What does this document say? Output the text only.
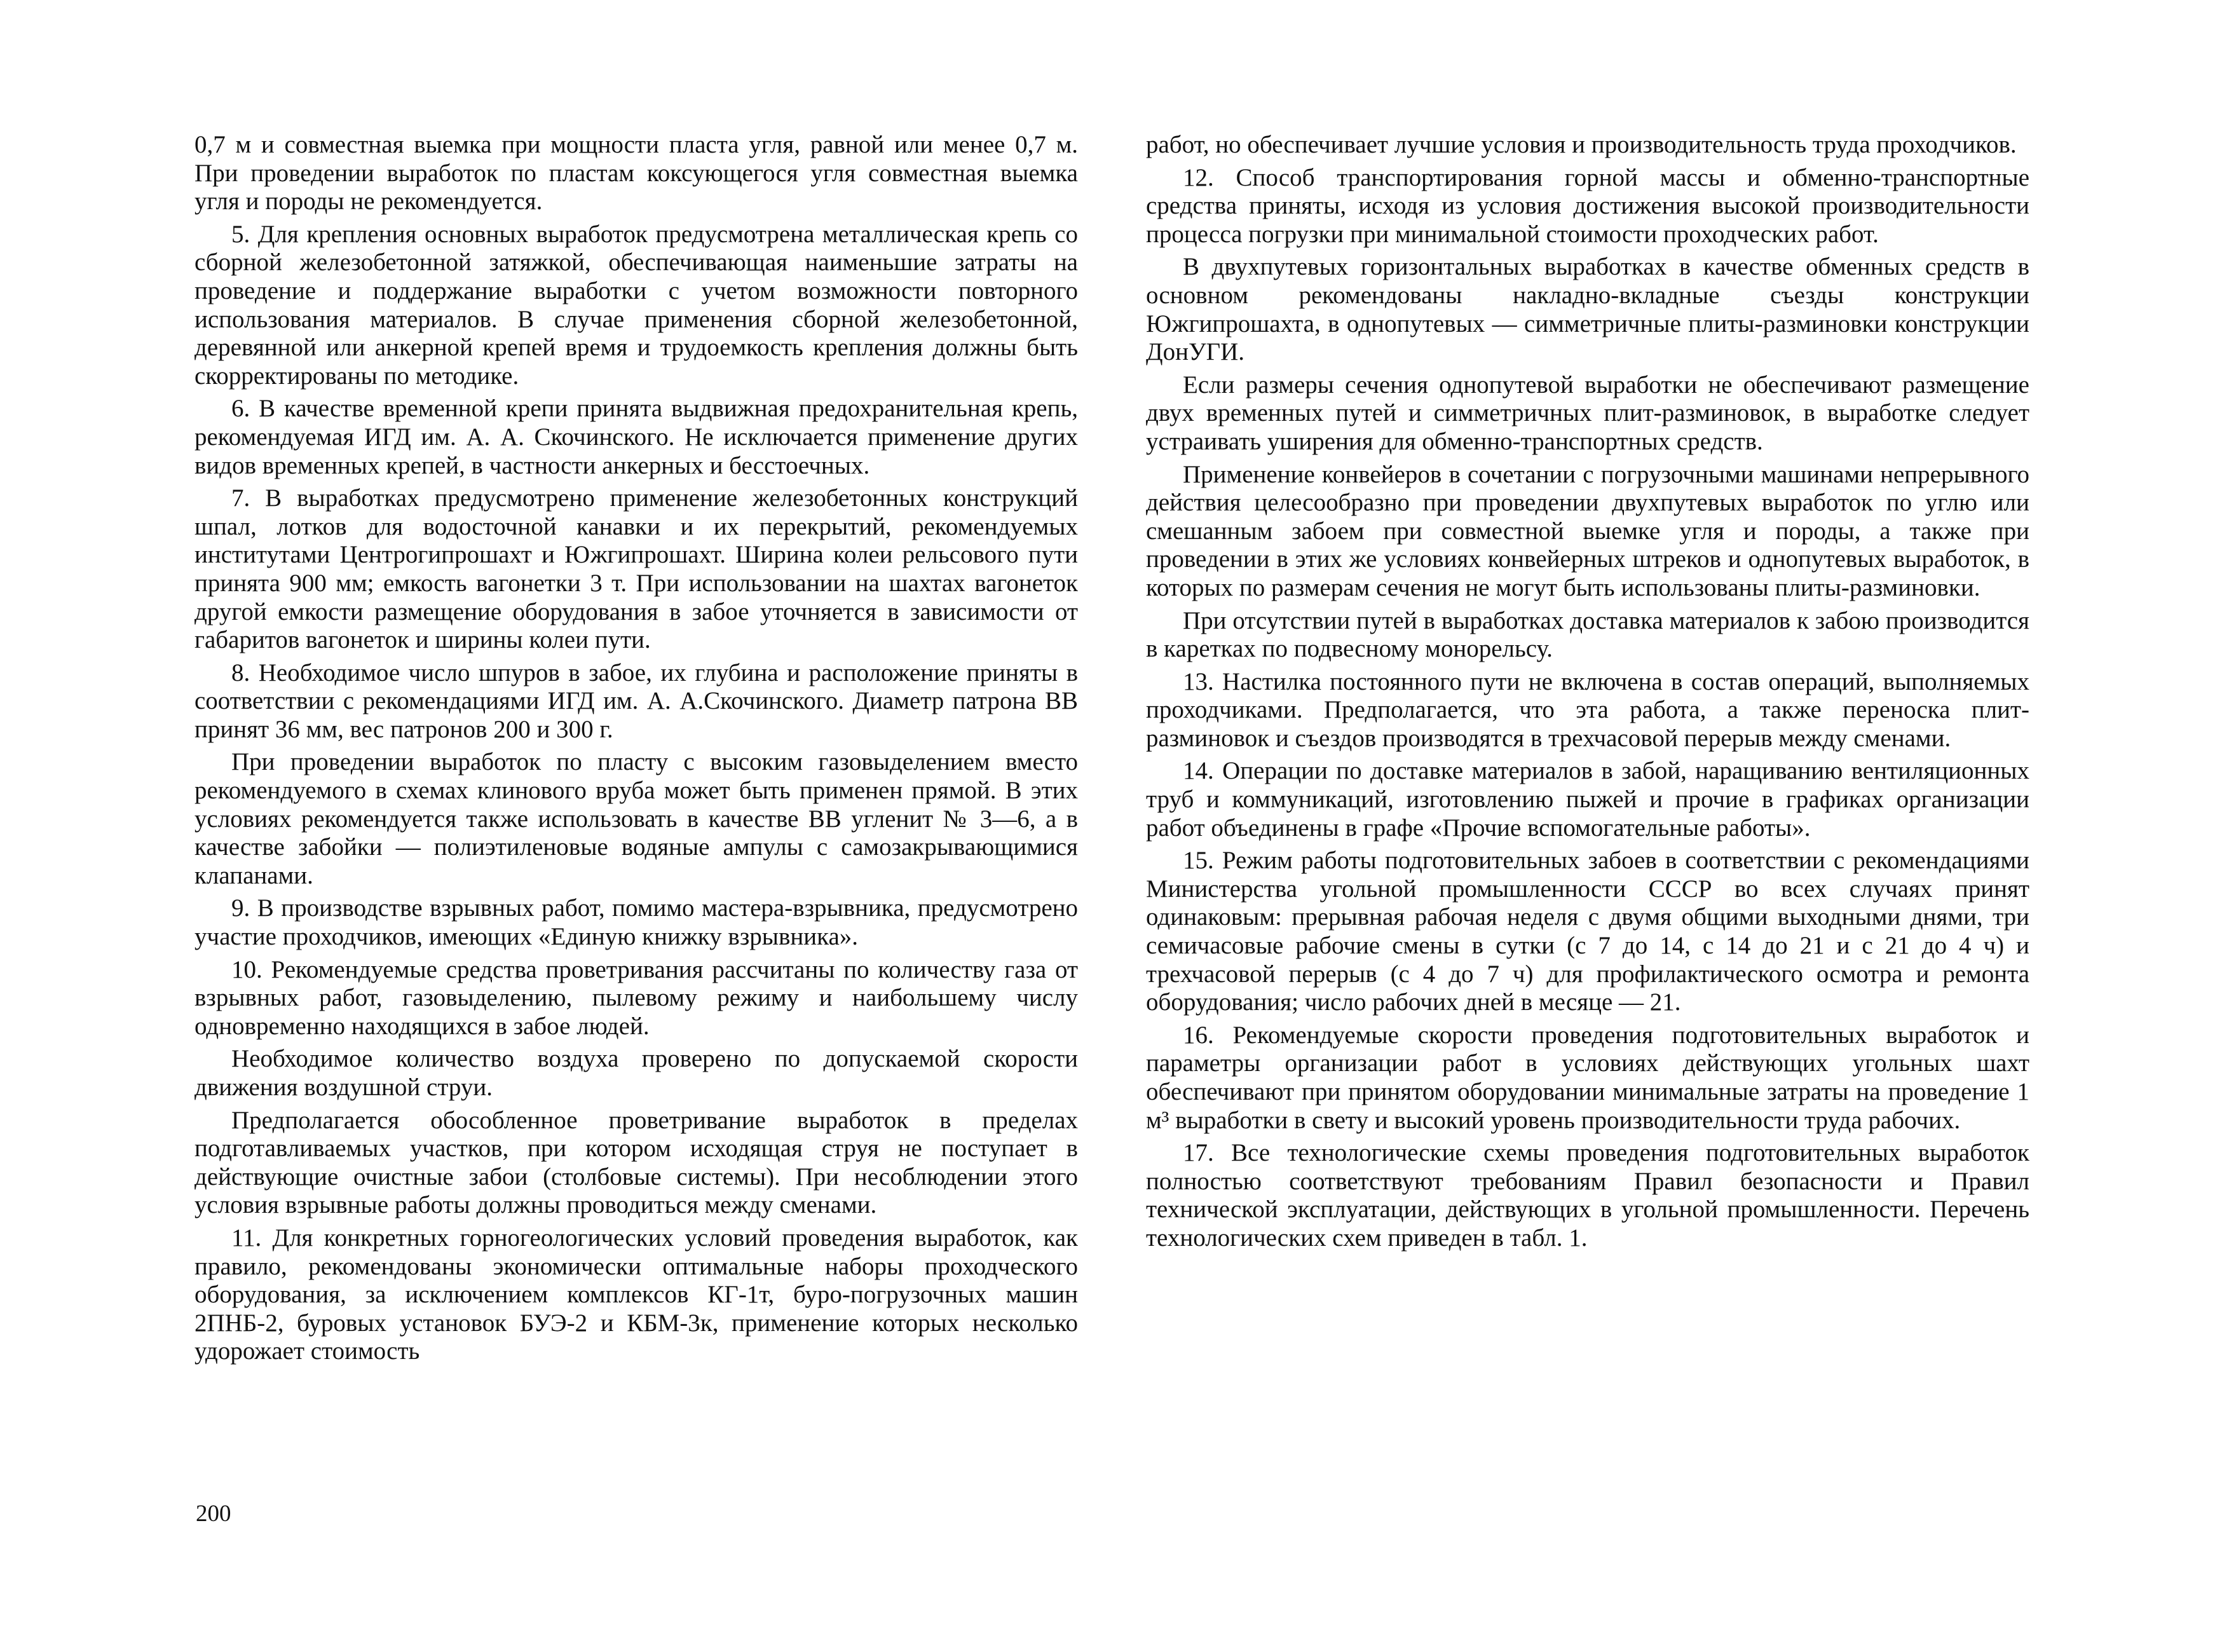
0,7 м и совместная выемка при мощности пласта угля, равной или менее 0,7 м. При проведении выработок по пластам коксующегося угля совместная выемка угля и породы не рекомендуется.

5. Для крепления основных выработок предусмотрена металлическая крепь со сборной железобетонной затяжкой, обеспечивающая наименьшие затраты на проведение и поддержание выработки с учетом возможности повторного использования материалов. В случае применения сборной железобетонной, деревянной или анкерной крепей время и трудоемкость крепления должны быть скорректированы по методике.

6. В качестве временной крепи принята выдвижная предохранительная крепь, рекомендуемая ИГД им. А. А. Скочинского. Не исключается применение других видов временных крепей, в частности анкерных и бесстоечных.

7. В выработках предусмотрено применение железобетонных конструкций шпал, лотков для водосточной канавки и их перекрытий, рекомендуемых институтами Центрогипрошахт и Южгипрошахт. Ширина колеи рельсового пути принята 900 мм; емкость вагонетки 3 т. При использовании на шахтах вагонеток другой емкости размещение оборудования в забое уточняется в зависимости от габаритов вагонеток и ширины колеи пути.

8. Необходимое число шпуров в забое, их глубина и расположение приняты в соответствии с рекомендациями ИГД им. А. А.Скочинского. Диаметр патрона ВВ принят 36 мм, вес патронов 200 и 300 г.

При проведении выработок по пласту с высоким газовыделением вместо рекомендуемого в схемах клинового вруба может быть применен прямой. В этих условиях рекомендуется также использовать в качестве ВВ угленит № 3—6, а в качестве забойки — полиэтиленовые водяные ампулы с самозакрывающимися клапанами.

9. В производстве взрывных работ, помимо мастера-взрывника, предусмотрено участие проходчиков, имеющих «Единую книжку взрывника».

10. Рекомендуемые средства проветривания рассчитаны по количеству газа от взрывных работ, газовыделению, пылевому режиму и наибольшему числу одновременно находящихся в забое людей.

Необходимое количество воздуха проверено по допускаемой скорости движения воздушной струи.

Предполагается обособленное проветривание выработок в пределах подготавливаемых участков, при котором исходящая струя не поступает в действующие очистные забои (столбовые системы). При несоблюдении этого условия взрывные работы должны проводиться между сменами.

11. Для конкретных горногеологических условий проведения выработок, как правило, рекомендованы экономически оптимальные наборы проходческого оборудования, за исключением комплексов КГ-1т, буро-погрузочных машин 2ПНБ-2, буровых установок БУЭ-2 и КБМ-3к, применение которых несколько удорожает стоимость

работ, но обеспечивает лучшие условия и производительность труда проходчиков.

12. Способ транспортирования горной массы и обменно-транспортные средства приняты, исходя из условия достижения высокой производительности процесса погрузки при минимальной стоимости проходческих работ.

В двухпутевых горизонтальных выработках в качестве обменных средств в основном рекомендованы накладно-вкладные съезды конструкции Южгипрошахта, в однопутевых — симметричные плиты-разминовки конструкции ДонУГИ.

Если размеры сечения однопутевой выработки не обеспечивают размещение двух временных путей и симметричных плит-разминовок, в выработке следует устраивать уширения для обменно-транспортных средств.

Применение конвейеров в сочетании с погрузочными машинами непрерывного действия целесообразно при проведении двухпутевых выработок по углю или смешанным забоем при совместной выемке угля и породы, а также при проведении в этих же условиях конвейерных штреков и однопутевых выработок, в которых по размерам сечения не могут быть использованы плиты-разминовки.

При отсутствии путей в выработках доставка материалов к забою производится в каретках по подвесному монорельсу.

13. Настилка постоянного пути не включена в состав операций, выполняемых проходчиками. Предполагается, что эта работа, а также переноска плит-разминовок и съездов производятся в трехчасовой перерыв между сменами.

14. Операции по доставке материалов в забой, наращиванию вентиляционных труб и коммуникаций, изготовлению пыжей и прочие в графиках организации работ объединены в графе «Прочие вспомогательные работы».

15. Режим работы подготовительных забоев в соответствии с рекомендациями Министерства угольной промышленности СССР во всех случаях принят одинаковым: прерывная рабочая неделя с двумя общими выходными днями, три семичасовые рабочие смены в сутки (с 7 до 14, с 14 до 21 и с 21 до 4 ч) и трехчасовой перерыв (с 4 до 7 ч) для профилактического осмотра и ремонта оборудования; число рабочих дней в месяце — 21.

16. Рекомендуемые скорости проведения подготовительных выработок и параметры организации работ в условиях действующих угольных шахт обеспечивают при принятом оборудовании минимальные затраты на проведение 1 м³ выработки в свету и высокий уровень производительности труда рабочих.

17. Все технологические схемы проведения подготовительных выработок полностью соответствуют требованиям Правил безопасности и Правил технической эксплуатации, действующих в угольной промышленности. Перечень технологических схем приведен в табл. 1.

200
